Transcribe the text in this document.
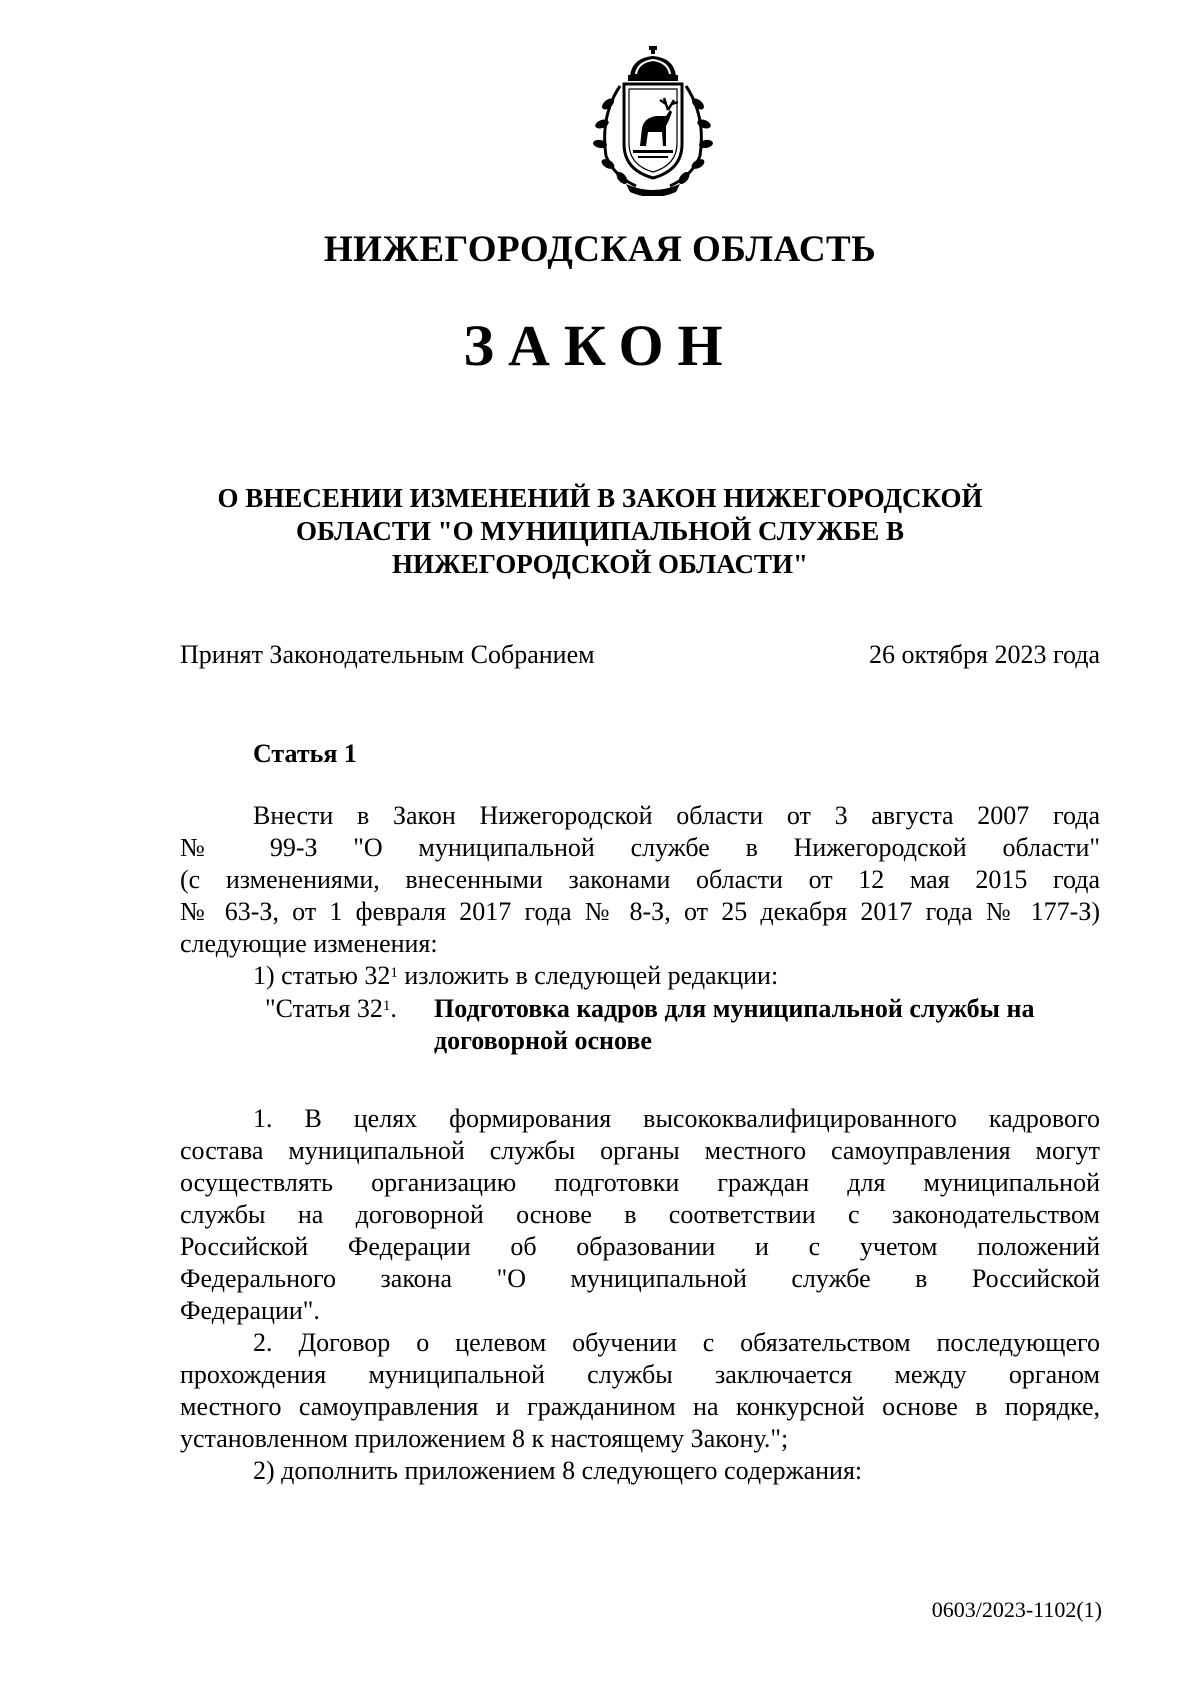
НИЖЕГОРОДСКАЯ ОБЛАСТЬ
ЗАКОН
О ВНЕСЕНИИ ИЗМЕНЕНИЙ В ЗАКОН НИЖЕГОРОДСКОЙ
ОБЛАСТИ "О МУНИЦИПАЛЬНОЙ СЛУЖБЕ В
НИЖЕГОРОДСКОЙ ОБЛАСТИ"
Принят Законодательным Собранием	26 октября 2023 года
Статья 1
Внести в Закон Нижегородской области от 3 августа 2007 года
№ 99-З "О муниципальной службе в Нижегородской области"
(с изменениями, внесенными законами области от 12 мая 2015 года
№ 63-З, от 1 февраля 2017 года № 8-З, от 25 декабря 2017 года № 177-З)
следующие изменения:
1) статью $32^1$ изложить в следующей редакции:
"Статья $32^1$. Подготовка кадров для муниципальной службы на
договорной основе
1. В целях формирования высококвалифицированного кадрового
состава муниципальной службы органы местного самоуправления могут
осуществлять организацию подготовки граждан для муниципальной
службы на договорной основе в соответствии с законодательством
Российской Федерации об образовании и с учетом положений
Федерального закона "О муниципальной службе в Российской
Федерации".
2. Договор о целевом обучении с обязательством последующего
прохождения муниципальной службы заключается между органом
местного самоуправления и гражданином на конкурсной основе в порядке,
установленном приложением 8 к настоящему Закону.";
2) дополнить приложением 8 следующего содержания:
0603/2023-1102(1)
